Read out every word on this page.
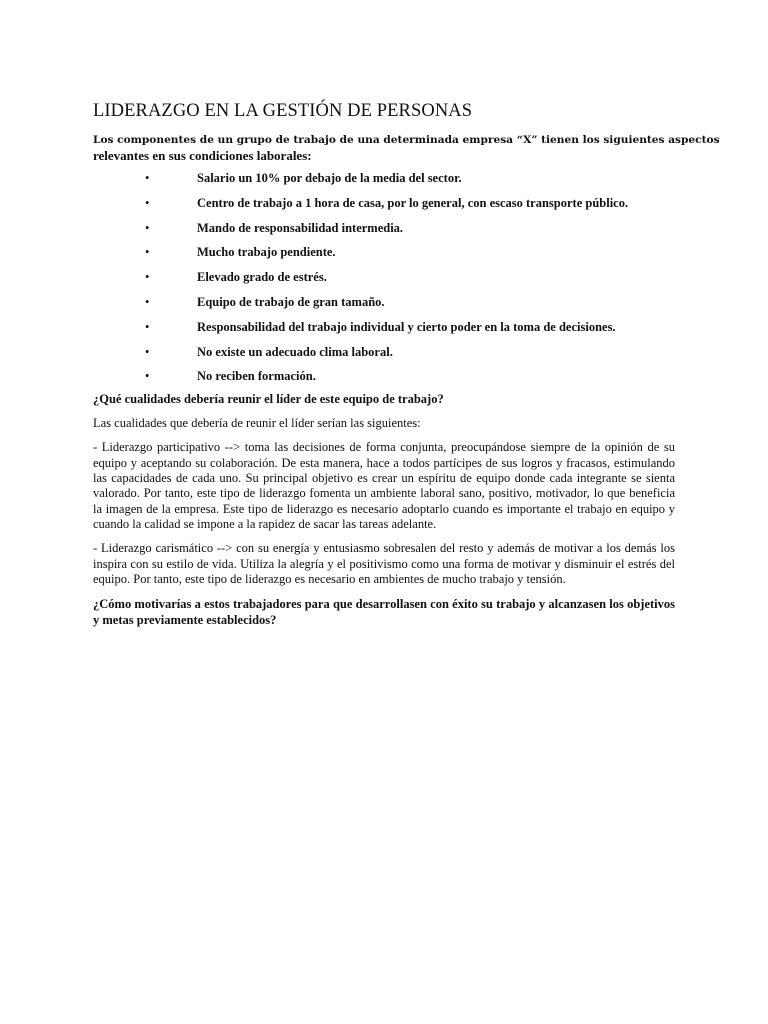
LIDERAZGO EN LA GESTIÓN DE PERSONAS

Los componentes de un grupo de trabajo de una determinada empresa “X” tienen los siguientes aspectos
relevantes en sus condiciones laborales:

•	Salario un 10% por debajo de la media del sector.
•	Centro de trabajo a 1 hora de casa, por lo general, con escaso transporte público.
•	Mando de responsabilidad intermedia.
•	Mucho trabajo pendiente.
•	Elevado grado de estrés.
•	Equipo de trabajo de gran tamaño.
•	Responsabilidad del trabajo individual y cierto poder en la toma de decisiones.
•	No existe un adecuado clima laboral.
•	No reciben formación.

¿Qué cualidades debería reunir el líder de este equipo de trabajo?

Las cualidades que debería de reunir el líder serían las siguientes:

- Liderazgo participativo --> toma las decisiones de forma conjunta, preocupándose siempre de la opinión de su equipo y aceptando su colaboración. De esta manera, hace a todos partícipes de sus logros y fracasos, estimulando las capacidades de cada uno. Su principal objetivo es crear un espíritu de equipo donde cada integrante se sienta valorado. Por tanto, este tipo de liderazgo fomenta un ambiente laboral sano, positivo, motivador, lo que beneficia la imagen de la empresa. Este tipo de liderazgo es necesario adoptarlo cuando es importante el trabajo en equipo y cuando la calidad se impone a la rapidez de sacar las tareas adelante.

- Liderazgo carismático --> con su energía y entusiasmo sobresalen del resto y además de motivar a los demás los inspira con su estilo de vida. Utiliza la alegría y el positivismo como una forma de motivar y disminuir el estrés del equipo. Por tanto, este tipo de liderazgo es necesario en ambientes de mucho trabajo y tensión.

¿Cómo motivarías a estos trabajadores para que desarrollasen con éxito su trabajo y alcanzasen los objetivos y metas previamente establecidos?
